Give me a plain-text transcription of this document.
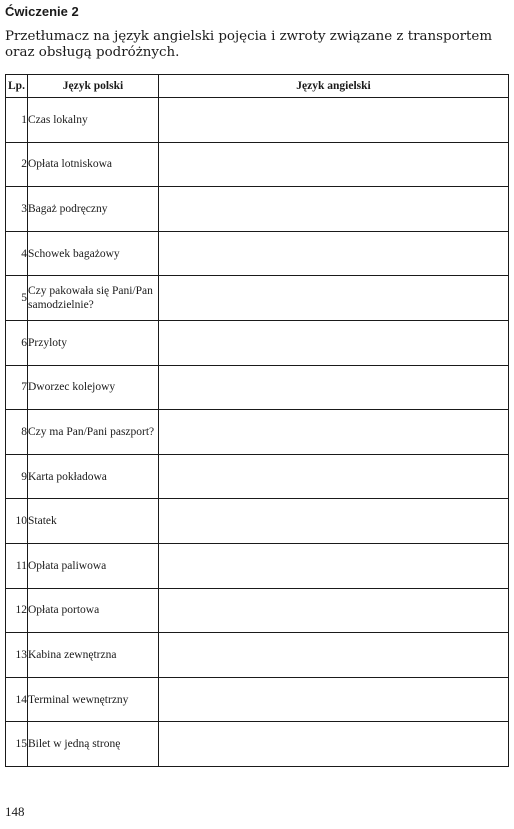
Ćwiczenie 2
Przetłumacz na język angielski pojęcia i zwroty związane z transportem oraz obsługą podróżnych.
Lp.	Język polski	Język angielski
1	Czas lokalny	
2	Opłata lotniskowa	
3	Bagaż podręczny	
4	Schowek bagażowy	
5	Czy pakowała się Pani/Pan samodzielnie?	
6	Przyloty	
7	Dworzec kolejowy	
8	Czy ma Pan/Pani paszport?	
9	Karta pokładowa	
10	Statek	
11	Opłata paliwowa	
12	Opłata portowa	
13	Kabina zewnętrzna	
14	Terminal wewnętrzny	
15	Bilet w jedną stronę	
148
